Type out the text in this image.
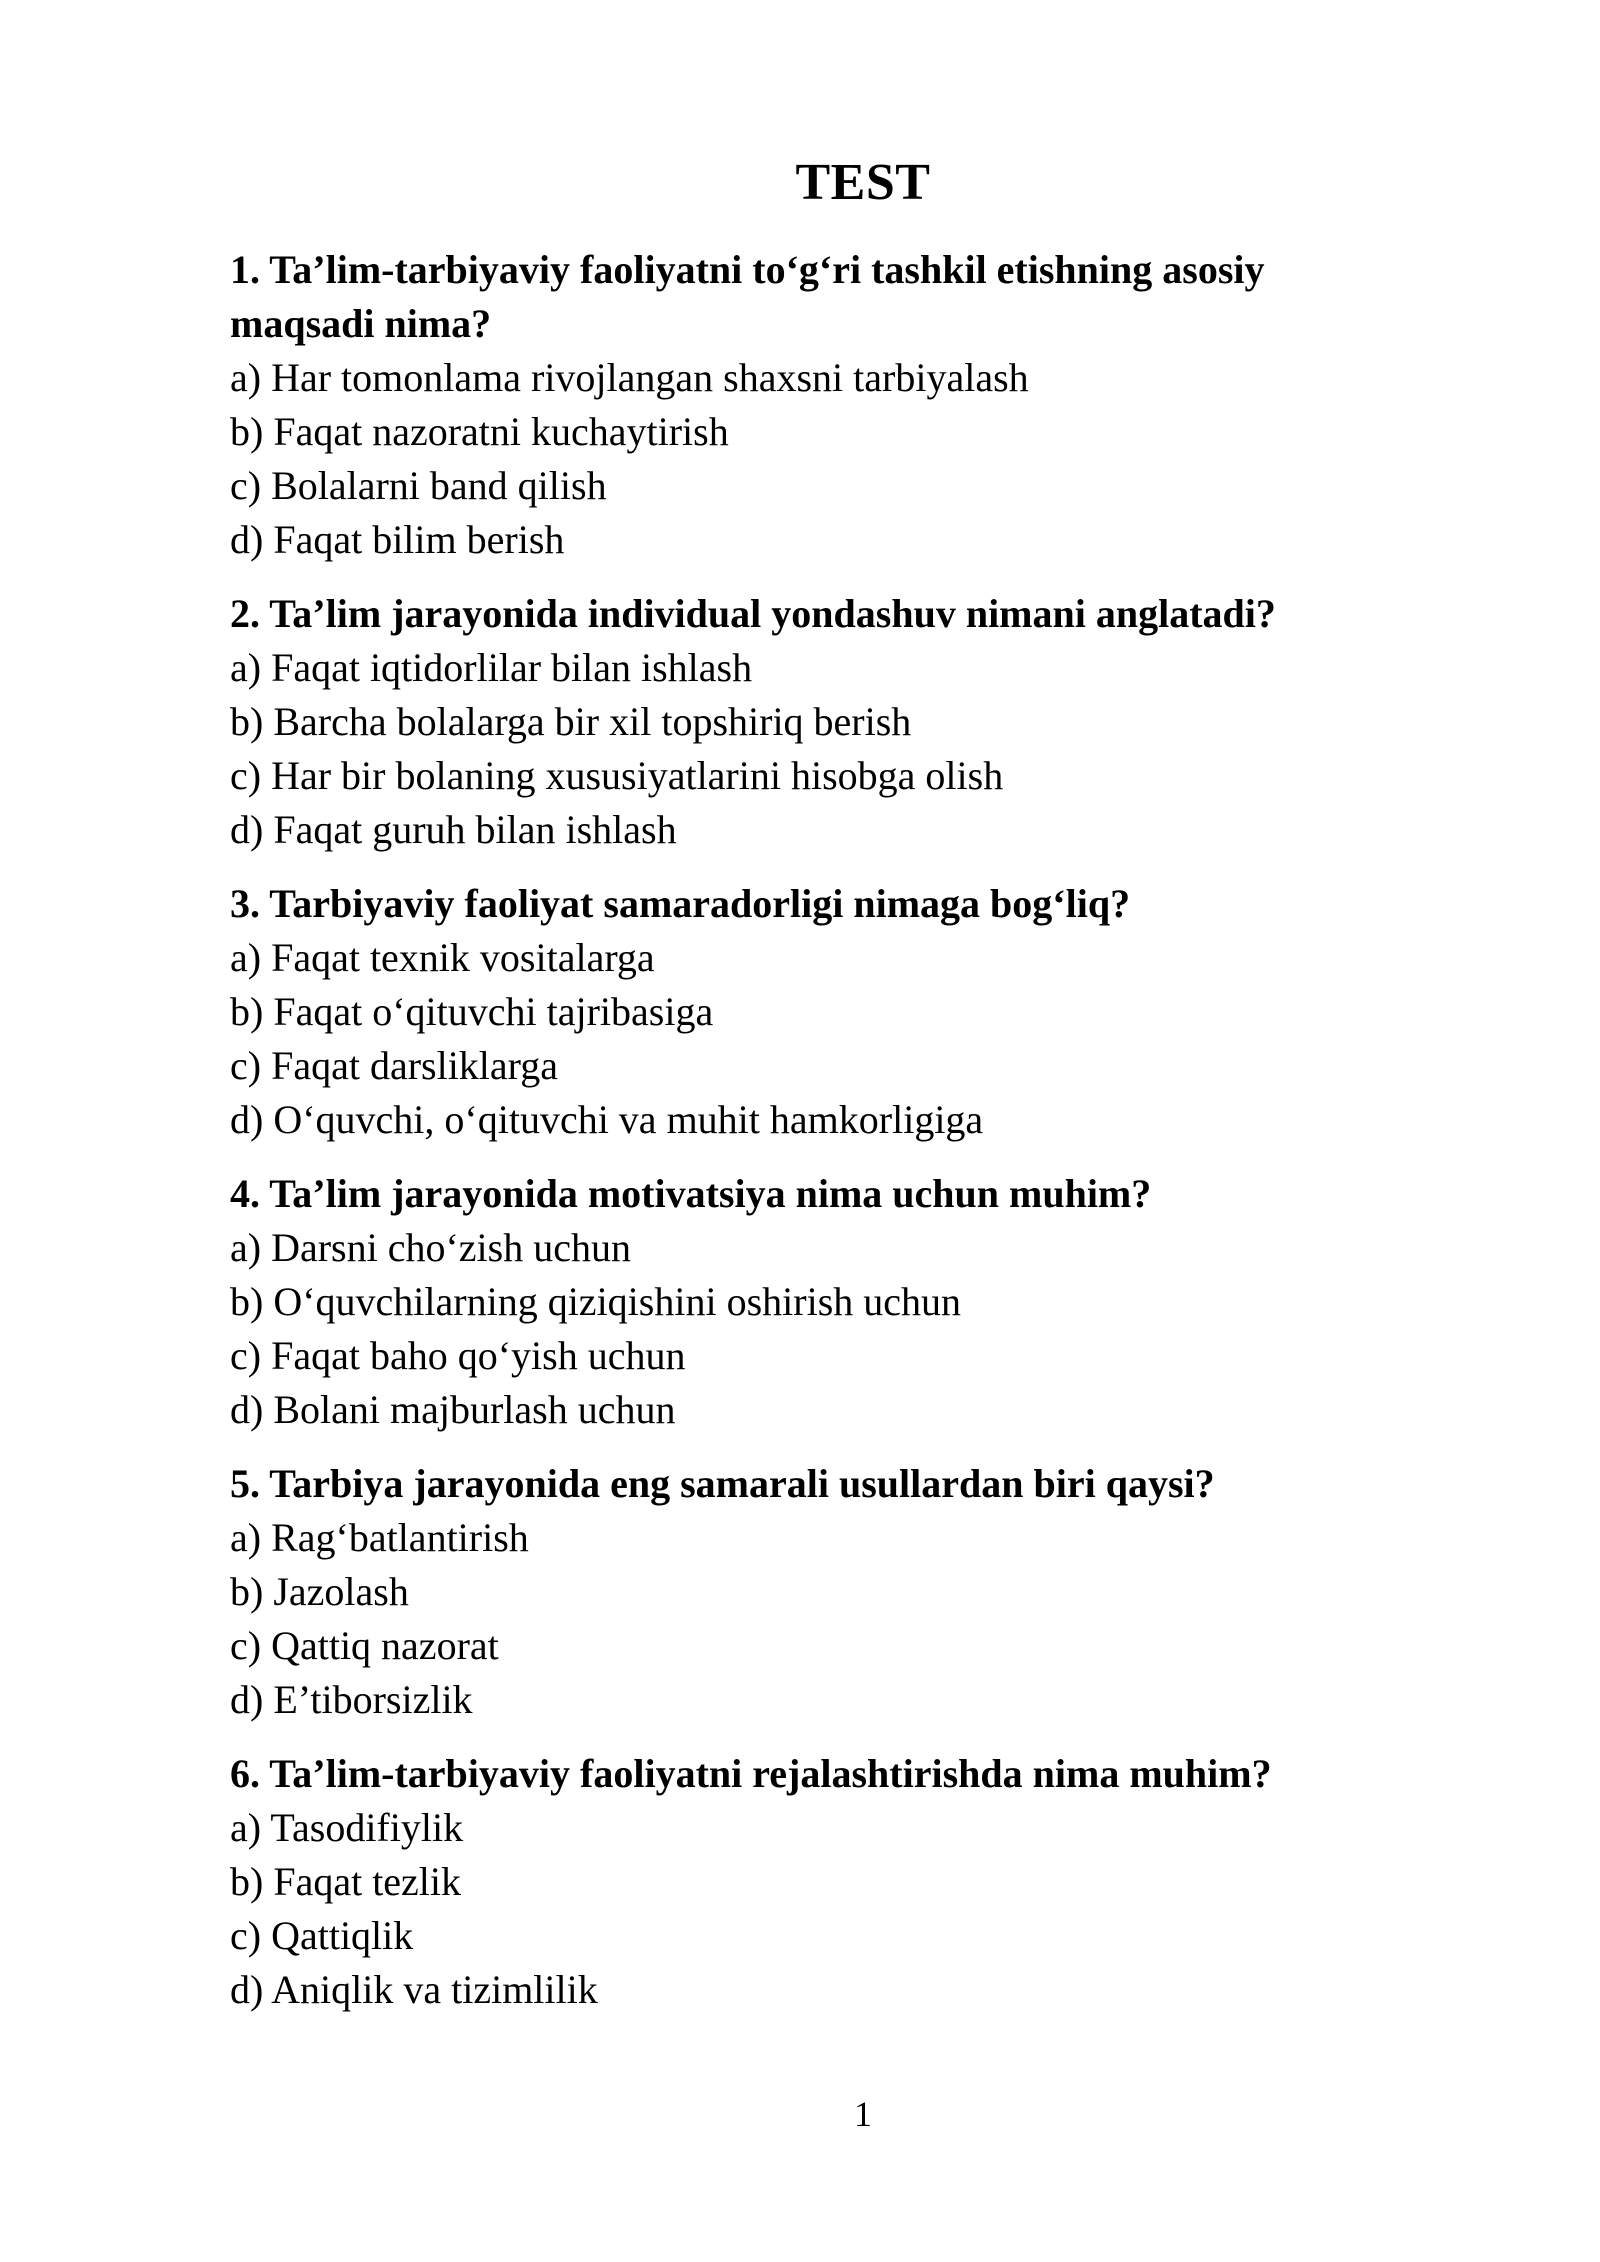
TEST

1. Ta’lim-tarbiyaviy faoliyatni to‘g‘ri tashkil etishning asosiy maqsadi nima?

a) Har tomonlama rivojlangan shaxsni tarbiyalash

b) Faqat nazoratni kuchaytirish

c) Bolalarni band qilish

d) Faqat bilim berish

2. Ta’lim jarayonida individual yondashuv nimani anglatadi?

a) Faqat iqtidorlilar bilan ishlash

b) Barcha bolalarga bir xil topshiriq berish

c) Har bir bolaning xususiyatlarini hisobga olish

d) Faqat guruh bilan ishlash

3. Tarbiyaviy faoliyat samaradorligi nimaga bog‘liq?

a) Faqat texnik vositalarga

b) Faqat o‘qituvchi tajribasiga

c) Faqat darsliklarga

d) O‘quvchi, o‘qituvchi va muhit hamkorligiga

4. Ta’lim jarayonida motivatsiya nima uchun muhim?

a) Darsni cho‘zish uchun

b) O‘quvchilarning qiziqishini oshirish uchun

c) Faqat baho qo‘yish uchun

d) Bolani majburlash uchun

5. Tarbiya jarayonida eng samarali usullardan biri qaysi?

a) Rag‘batlantirish

b) Jazolash

c) Qattiq nazorat

d) E’tiborsizlik

6. Ta’lim-tarbiyaviy faoliyatni rejalashtirishda nima muhim?

a) Tasodifiylik

b) Faqat tezlik

c) Qattiqlik

d) Aniqlik va tizimlilik

1
